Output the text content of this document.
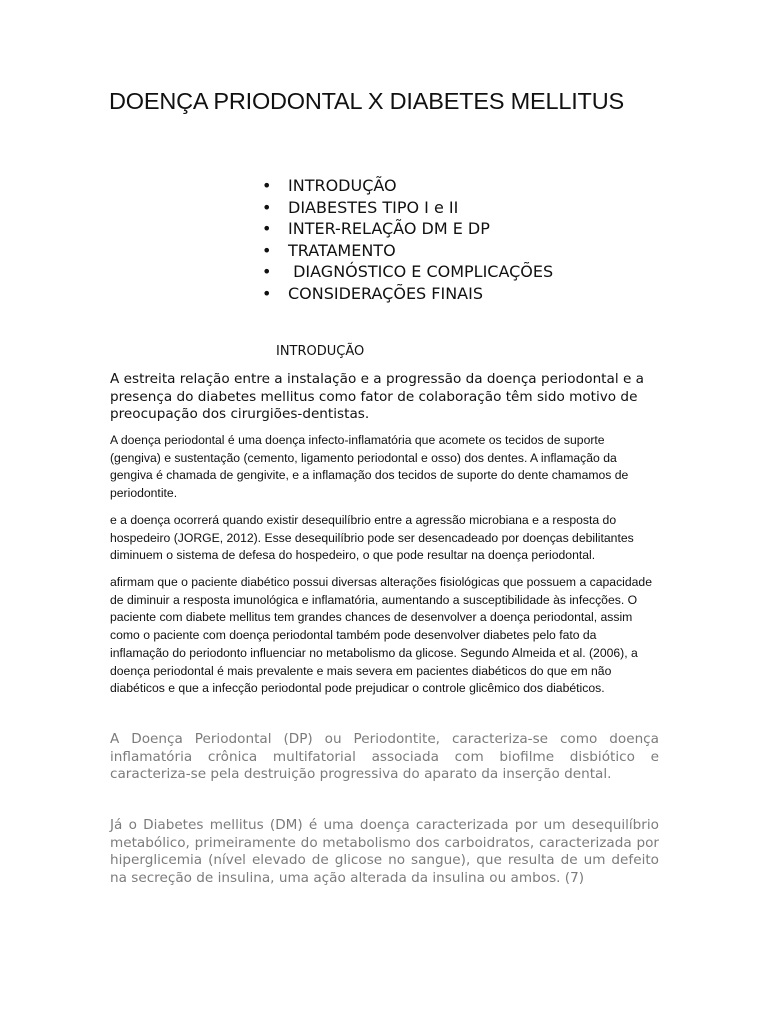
DOENÇA PRIODONTAL X DIABETES MELLITUS
• INTRODUÇÃO
• DIABESTES TIPO I e II
• INTER-RELAÇÃO DM E DP
• TRATAMENTO
•  DIAGNÓSTICO E COMPLICAÇÕES
• CONSIDERAÇÕES FINAIS
INTRODUÇÃO

A estreita relação entre a instalação e a progressão da doença periodontal e a presença do diabetes mellitus como fator de colaboração têm sido motivo de preocupação dos cirurgiões-dentistas.

A doença periodontal é uma doença infecto-inflamatória que acomete os tecidos de suporte (gengiva) e sustentação (cemento, ligamento periodontal e osso) dos dentes. A inflamação da gengiva é chamada de gengivite, e a inflamação dos tecidos de suporte do dente chamamos de periodontite.

e a doença ocorrerá quando existir desequilíbrio entre a agressão microbiana e a resposta do hospedeiro (JORGE, 2012). Esse desequilíbrio pode ser desencadeado por doenças debilitantes diminuem o sistema de defesa do hospedeiro, o que pode resultar na doença periodontal.

afirmam que o paciente diabético possui diversas alterações fisiológicas que possuem a capacidade de diminuir a resposta imunológica e inflamatória, aumentando a susceptibilidade às infecções. O paciente com diabete mellitus tem grandes chances de desenvolver a doença periodontal, assim como o paciente com doença periodontal também pode desenvolver diabetes pelo fato da inflamação do periodonto influenciar no metabolismo da glicose. Segundo Almeida et al. (2006), a doença periodontal é mais prevalente e mais severa em pacientes diabéticos do que em não diabéticos e que a infecção periodontal pode prejudicar o controle glicêmico dos diabéticos.

A Doença Periodontal (DP) ou Periodontite, caracteriza-se como doença inflamatória crônica multifatorial associada com biofilme disbiótico e caracteriza-se pela destruição progressiva do aparato da inserção dental.

Já o Diabetes mellitus (DM) é uma doença caracterizada por um desequilíbrio metabólico, primeiramente do metabolismo dos carboidratos, caracterizada por hiperglicemia (nível elevado de glicose no sangue), que resulta de um defeito na secreção de insulina, uma ação alterada da insulina ou ambos. (7)
